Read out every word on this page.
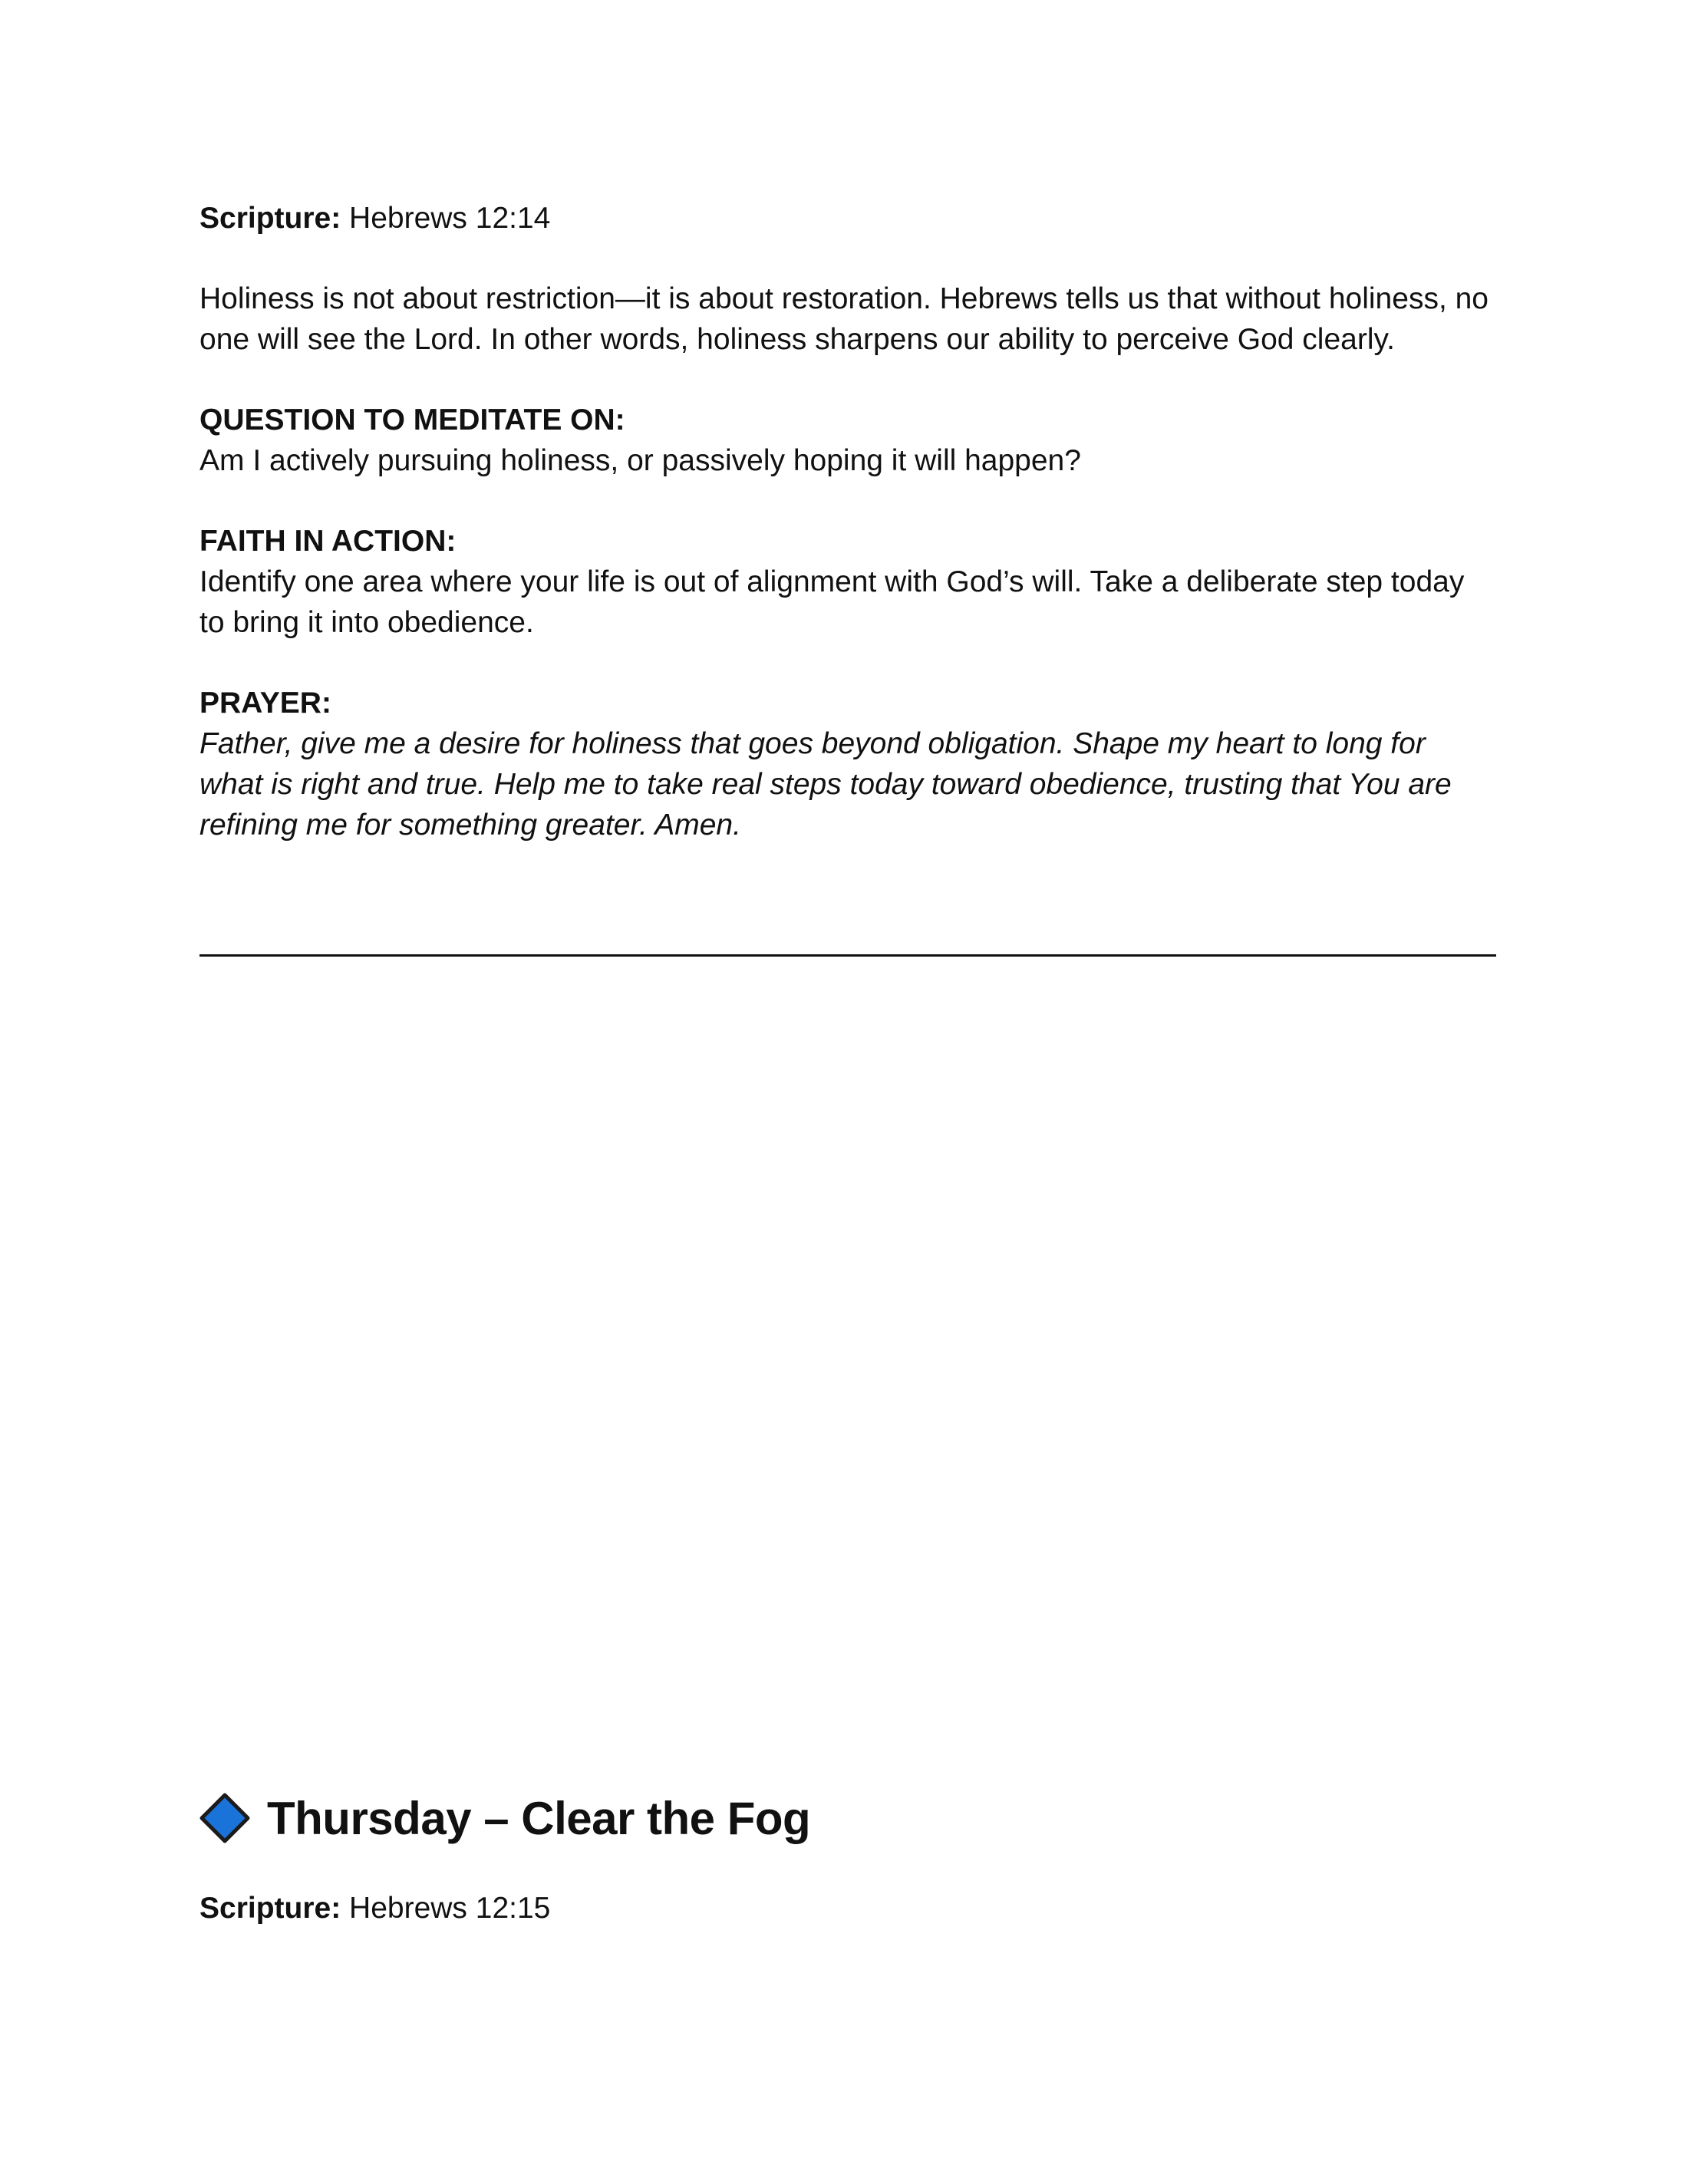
Scripture: Hebrews 12:14

Holiness is not about restriction—it is about restoration. Hebrews tells us that without holiness, no one will see the Lord. In other words, holiness sharpens our ability to perceive God clearly.

QUESTION TO MEDITATE ON:

Am I actively pursuing holiness, or passively hoping it will happen?

FAITH IN ACTION:

Identify one area where your life is out of alignment with God’s will. Take a deliberate step today to bring it into obedience.

PRAYER:

Father, give me a desire for holiness that goes beyond obligation. Shape my heart to long for what is right and true. Help me to take real steps today toward obedience, trusting that You are refining me for something greater. Amen.

Thursday – Clear the Fog
Scripture: Hebrews 12:15
